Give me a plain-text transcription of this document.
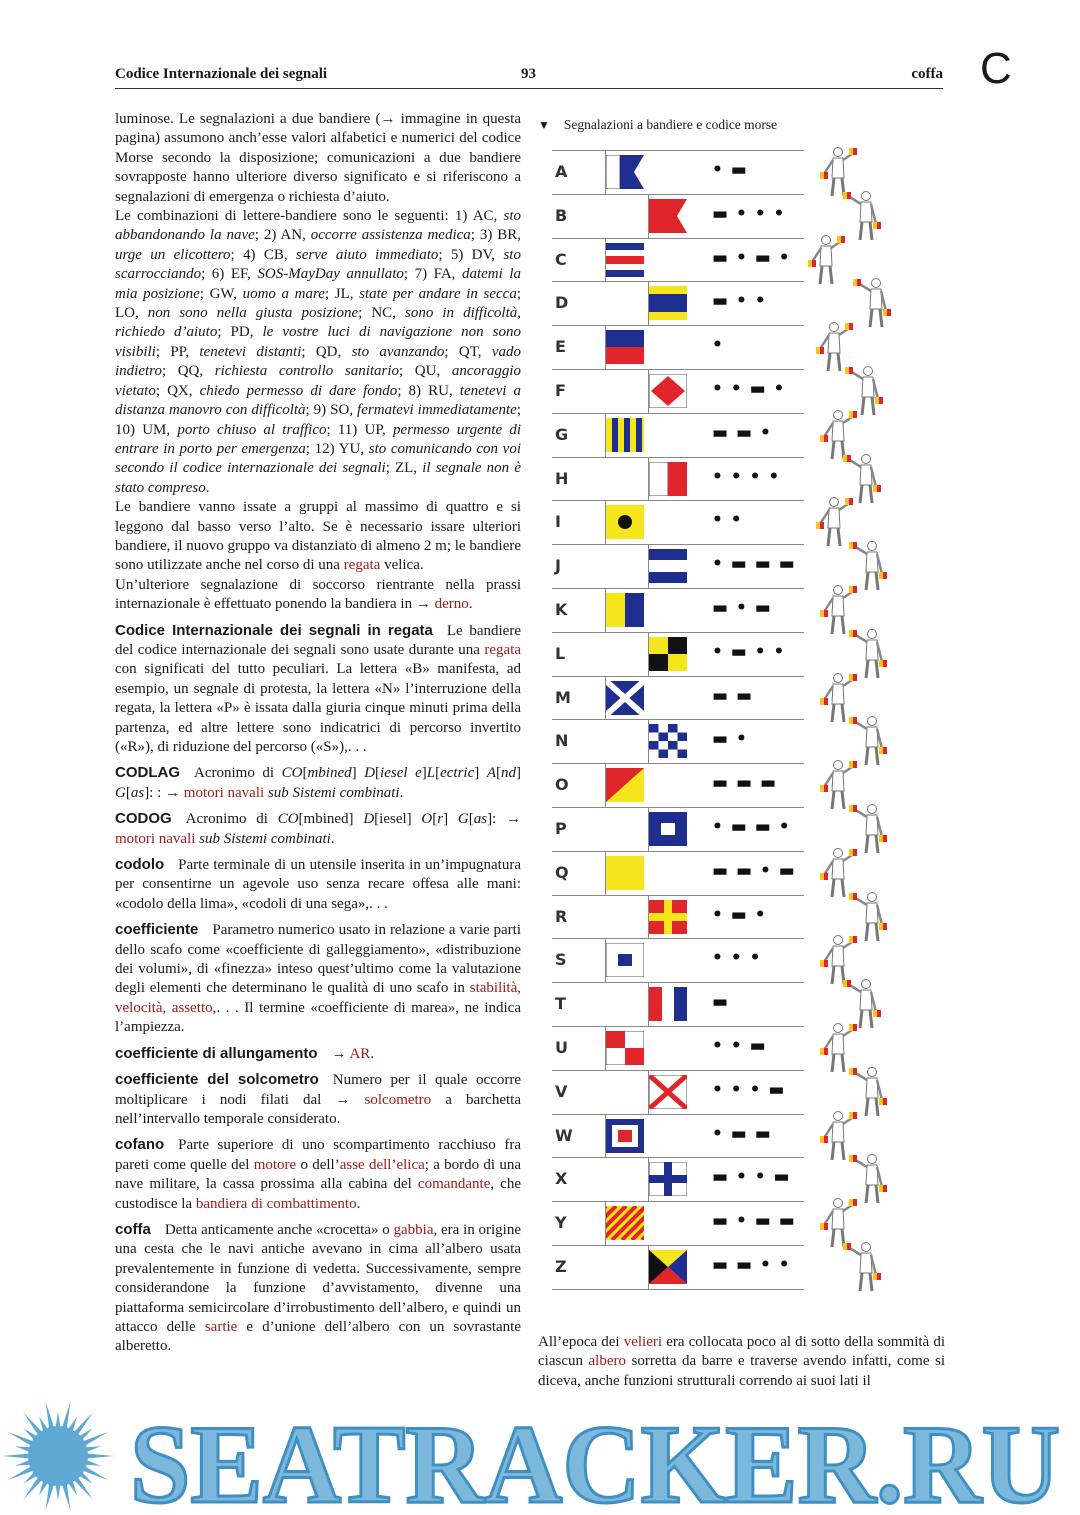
Codice Internazionale dei segnali	93	coffa C

luminose. Le segnalazioni a due bandiere (→ immagine in questa pagina) assumono anch’esse valori alfabetici e numerici del codice Morse secondo la disposizione; comunicazioni a due bandiere sovrapposte hanno ulteriore diverso significato e si riferiscono a segnalazioni di emergenza o richiesta d’aiuto.

Le combinazioni di lettere-bandiere sono le seguenti: 1) AC, sto abbandonando la nave; 2) AN, occorre assistenza medica; 3) BR, urge un elicottero; 4) CB, serve aiuto immediato; 5) DV, sto scarrocciando; 6) EF, SOS-MayDay annullato; 7) FA, datemi la mia posizione; GW, uomo a mare; JL, state per andare in secca; LO, non sono nella giusta posizione; NC, sono in difficoltà, richiedo d’aiuto; PD, le vostre luci di navigazione non sono visibili; PP, tenetevi distanti; QD, sto avanzando; QT, vado indietro; QQ, richiesta controllo sanitario; QU, ancoraggio vietato; QX, chiedo permesso di dare fondo; 8) RU, tenetevi a distanza manovro con difficoltà; 9) SO, fermatevi immediatamente; 10) UM, porto chiuso al traffico; 11) UP, permesso urgente di entrare in porto per emergenza; 12) YU, sto comunicando con voi secondo il codice internazionale dei segnali; ZL, il segnale non è stato compreso.

Le bandiere vanno issate a gruppi al massimo di quattro e si leggono dal basso verso l’alto. Se è necessario issare ulteriori bandiere, il nuovo gruppo va distanziato di almeno 2 m; le bandiere sono utilizzate anche nel corso di una regata velica.

Un’ulteriore segnalazione di soccorso rientrante nella prassi internazionale è effettuato ponendo la bandiera in → derno.

Codice Internazionale dei segnali in regata Le bandiere del codice internazionale dei segnali sono usate durante una regata con significati del tutto peculiari. La lettera «B» manifesta, ad esempio, un segnale di protesta, la lettera «N» l’interruzione della regata, la lettera «P» è issata dalla giuria cinque minuti prima della partenza, ed altre lettere sono indicatrici di percorso invertito («R»), di riduzione del percorso («S»),. . .

CODLAG Acronimo di CO[mbined] D[iesel e]L[ectric] A[nd] G[as]: : → motori navali sub Sistemi combinati.

CODOG Acronimo di CO[mbined] D[iesel] O[r] G[as]: → motori navali sub Sistemi combinati.

codolo Parte terminale di un utensile inserita in un’impugnatura per consentirne un agevole uso senza recare offesa alle mani: «codolo della lima», «codoli di una sega»,. . .

coefficiente Parametro numerico usato in relazione a varie parti dello scafo come «coefficiente di galleggiamento», «distribuzione dei volumi», di «finezza» inteso quest’ultimo come la valutazione degli elementi che determinano le qualità di uno scafo in stabilità, velocità, assetto,. . . Il termine «coefficiente di marea», ne indica l’ampiezza.

coefficiente di allungamento → AR.

coefficiente del solcometro Numero per il quale occorre moltiplicare i nodi filati dal → solcometro a barchetta nell’intervallo temporale considerato.

cofano Parte superiore di uno scompartimento racchiuso fra pareti come quelle del motore o dell’asse dell’elica; a bordo di una nave militare, la cassa prossima alla cabina del comandante, che custodisce la bandiera di combattimento.

coffa Detta anticamente anche «crocetta» o gabbia, era in origine una cesta che le navi antiche avevano in cima all’albero usata prevalentemente in funzione di vedetta. Successivamente, sempre considerandone la funzione d’avvistamento, divenne una piattaforma semicircolare d’irrobustimento dell’albero, e quindi un attacco delle sartie e d’unione dell’albero con un sovrastante alberetto.

▼ Segnalazioni a bandiere e codice morse
A	• ▬
B	▬ • • •
C	▬ • ▬ •
D	▬ • •
E	•
F	• • ▬ •
G	▬ ▬ •
H	• • • •
I	• •
J	• ▬ ▬ ▬
K	▬ • ▬
L	• ▬ • •
M	▬ ▬
N	▬ •
O	▬ ▬ ▬
P	• ▬ ▬ •
Q	▬ ▬ • ▬
R	• ▬ •
S	• • •
T	▬
U	• • ▬
V	• • • ▬
W	• ▬ ▬
X	▬ • • ▬
Y	▬ • ▬ ▬
Z	▬ ▬ • •

All’epoca dei velieri era collocata poco al di sotto della sommità di ciascun albero sorretta da barre e traverse avendo infatti, come si diceva, anche funzioni strutturali correndo ai suoi lati il

SEATRACKER.RU
